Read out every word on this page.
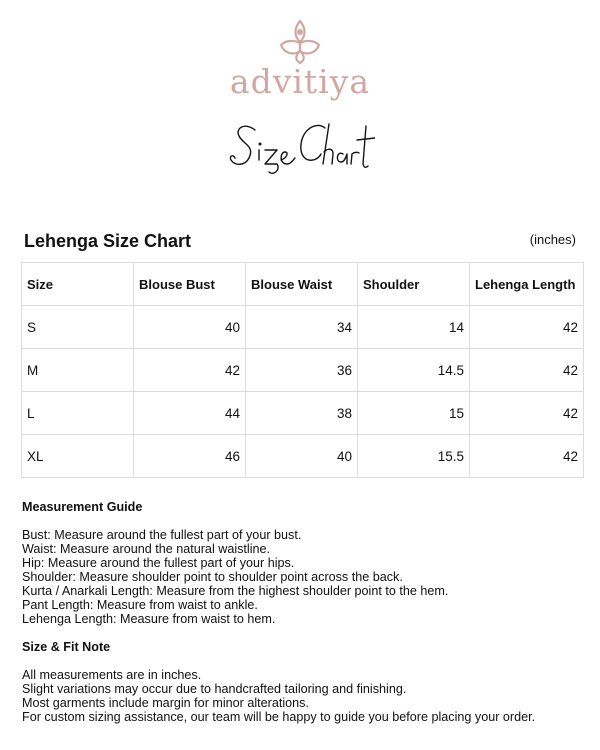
advitiya
Lehenga Size Chart	(inches)
Size	Blouse Bust	Blouse Waist	Shoulder	Lehenga Length
S	40	34	14	42
M	42	36	14.5	42
L	44	38	15	42
XL	46	40	15.5	42
Measurement Guide

Bust: Measure around the fullest part of your bust.

Waist: Measure around the natural waistline.

Hip: Measure around the fullest part of your hips.

Shoulder: Measure shoulder point to shoulder point across the back.

Kurta / Anarkali Length: Measure from the highest shoulder point to the hem.

Pant Length: Measure from waist to ankle.

Lehenga Length: Measure from waist to hem.

Size & Fit Note

All measurements are in inches.

Slight variations may occur due to handcrafted tailoring and finishing.

Most garments include margin for minor alterations.

For custom sizing assistance, our team will be happy to guide you before placing your order.
